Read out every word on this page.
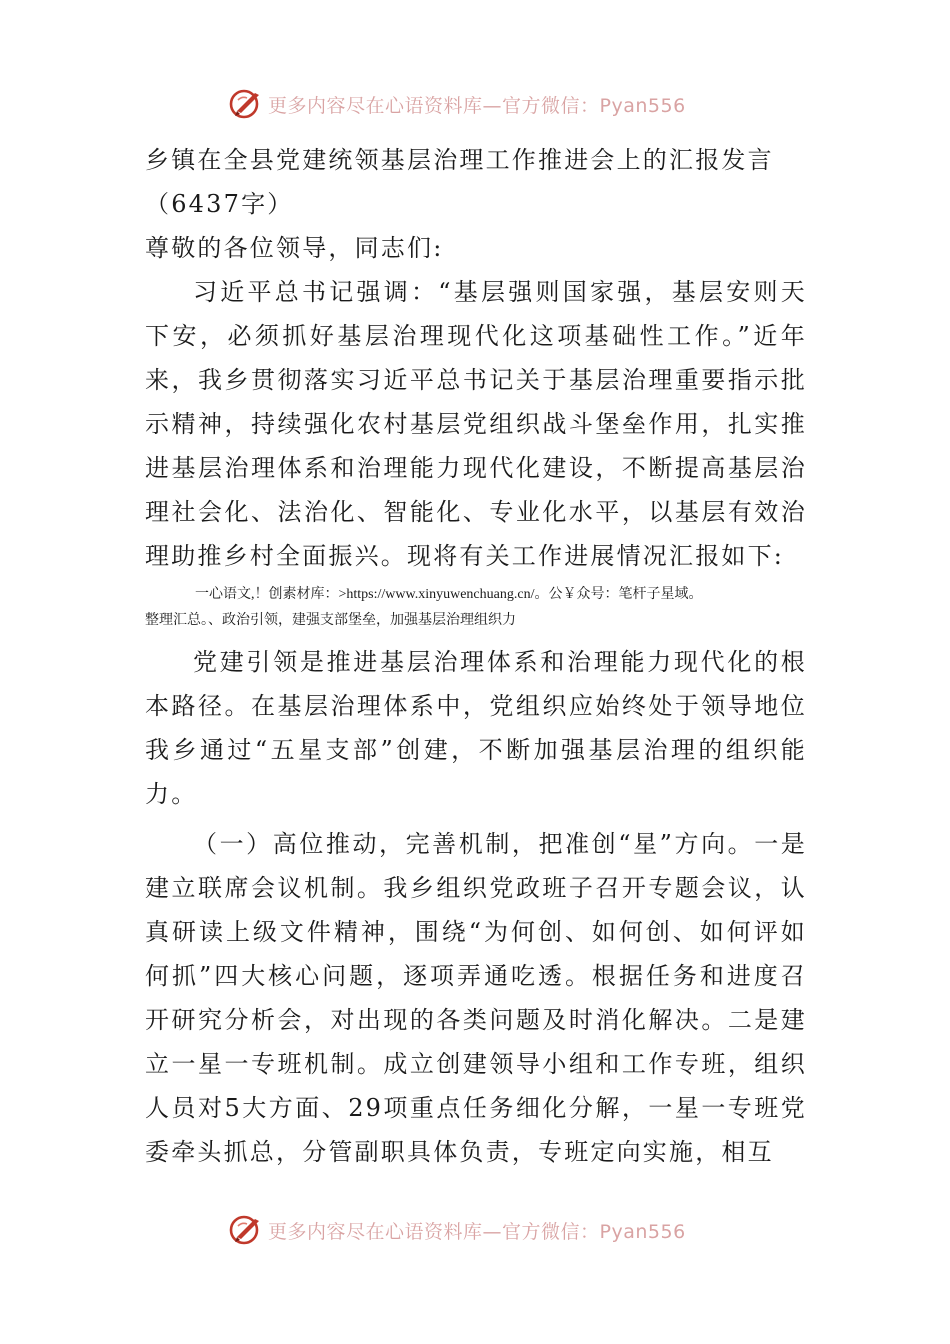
更多内容尽在心语资料库—官方微信：Pyan556

乡镇在全县党建统领基层治理工作推进会上的汇报发言
（6437字）

尊敬的各位领导，同志们:

习近平总书记强调：“基层强则国家强，基层安则天下安，必须抓好基层治理现代化这项基础性工作。”近年来，我乡贯彻落实习近平总书记关于基层治理重要指示批示精神，持续强化农村基层党组织战斗堡垒作用，扎实推进基层治理体系和治理能力现代化建设，不断提高基层治理社会化、法治化、智能化、专业化水平，以基层有效治理助推乡村全面振兴。现将有关工作进展情况汇报如下:

一心语文,！创素材库：>https://www.xinyuwenchuang.cn/。公￥众号：笔杆子星域。
整理汇总。、政治引领，建强支部堡垒，加强基层治理组织力

党建引领是推进基层治理体系和治理能力现代化的根本路径。在基层治理体系中，党组织应始终处于领导地位我乡通过“五星支部”创建，不断加强基层治理的组织能力。

（一）高位推动，完善机制，把准创“星”方向。一是建立联席会议机制。我乡组织党政班子召开专题会议，认真研读上级文件精神，围绕“为何创、如何创、如何评如何抓”四大核心问题，逐项弄通吃透。根据任务和进度召开研究分析会，对出现的各类问题及时消化解决。二是建立一星一专班机制。成立创建领导小组和工作专班，组织人员对5大方面、29项重点任务细化分解，一星一专班党委牵头抓总，分管副职具体负责，专班定向实施，相互

更多内容尽在心语资料库—官方微信：Pyan556
